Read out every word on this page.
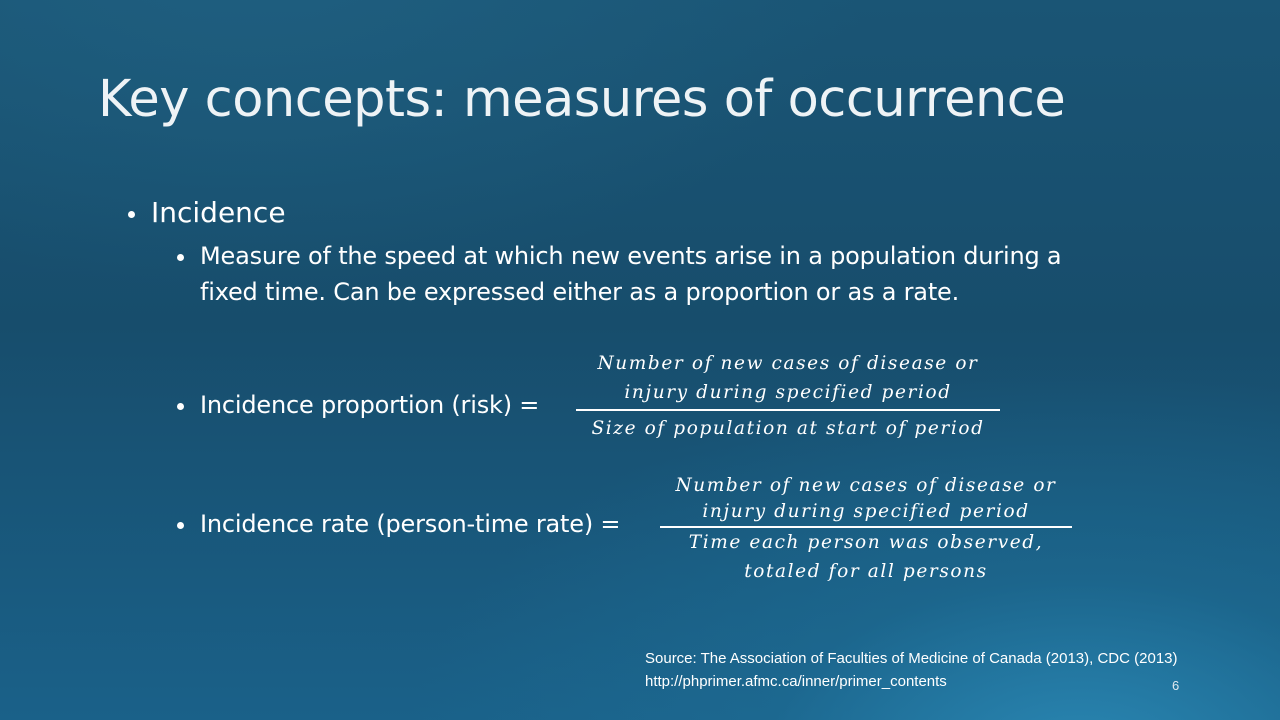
Key concepts: measures of occurrence
Incidence
Measure of the speed at which new events arise in a population during a
fixed time. Can be expressed either as a proportion or as a rate.
Incidence proportion (risk) =
Number of new cases of disease or
injury during specified period
Size of population at start of period
Incidence rate (person-time rate) =
Number of new cases of disease or
injury during specified period
Time each person was observed,
totaled for all persons
Source: The Association of Faculties of Medicine of Canada (2013), CDC (2013)
http://phprimer.afmc.ca/inner/primer_contents	6
